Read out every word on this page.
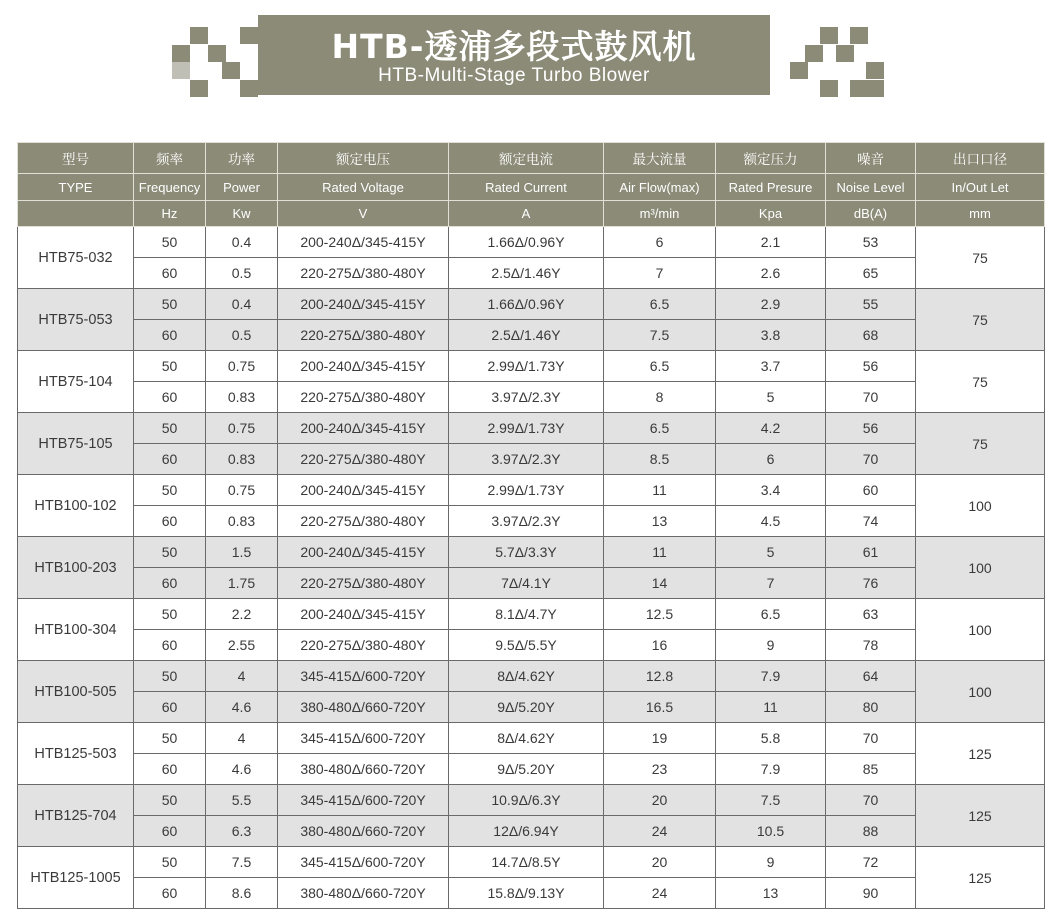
HTB-透浦多段式鼓风机
HTB-Multi-Stage Turbo Blower
型号	频率	功率	额定电压	额定电流	最大流量	额定压力	噪音	出口口径
TYPE	Frequency	Power	Rated Voltage	Rated Current	Air Flow(max)	Rated Presure	Noise Level	In/Out Let
	Hz	Kw	V	A	m³/min	Kpa	dB(A)	mm
HTB75-032	50	0.4	200-240Δ/345-415Y	1.66Δ/0.96Y	6	2.1	53	75
	60	0.5	220-275Δ/380-480Y	2.5Δ/1.46Y	7	2.6	65	
HTB75-053	50	0.4	200-240Δ/345-415Y	1.66Δ/0.96Y	6.5	2.9	55	75
	60	0.5	220-275Δ/380-480Y	2.5Δ/1.46Y	7.5	3.8	68	
HTB75-104	50	0.75	200-240Δ/345-415Y	2.99Δ/1.73Y	6.5	3.7	56	75
	60	0.83	220-275Δ/380-480Y	3.97Δ/2.3Y	8	5	70	
HTB75-105	50	0.75	200-240Δ/345-415Y	2.99Δ/1.73Y	6.5	4.2	56	75
	60	0.83	220-275Δ/380-480Y	3.97Δ/2.3Y	8.5	6	70	
HTB100-102	50	0.75	200-240Δ/345-415Y	2.99Δ/1.73Y	11	3.4	60	100
	60	0.83	220-275Δ/380-480Y	3.97Δ/2.3Y	13	4.5	74	
HTB100-203	50	1.5	200-240Δ/345-415Y	5.7Δ/3.3Y	11	5	61	100
	60	1.75	220-275Δ/380-480Y	7Δ/4.1Y	14	7	76	
HTB100-304	50	2.2	200-240Δ/345-415Y	8.1Δ/4.7Y	12.5	6.5	63	100
	60	2.55	220-275Δ/380-480Y	9.5Δ/5.5Y	16	9	78	
HTB100-505	50	4	345-415Δ/600-720Y	8Δ/4.62Y	12.8	7.9	64	100
	60	4.6	380-480Δ/660-720Y	9Δ/5.20Y	16.5	11	80	
HTB125-503	50	4	345-415Δ/600-720Y	8Δ/4.62Y	19	5.8	70	125
	60	4.6	380-480Δ/660-720Y	9Δ/5.20Y	23	7.9	85	
HTB125-704	50	5.5	345-415Δ/600-720Y	10.9Δ/6.3Y	20	7.5	70	125
	60	6.3	380-480Δ/660-720Y	12Δ/6.94Y	24	10.5	88	
HTB125-1005	50	7.5	345-415Δ/600-720Y	14.7Δ/8.5Y	20	9	72	125
	60	8.6	380-480Δ/660-720Y	15.8Δ/9.13Y	24	13	90	
